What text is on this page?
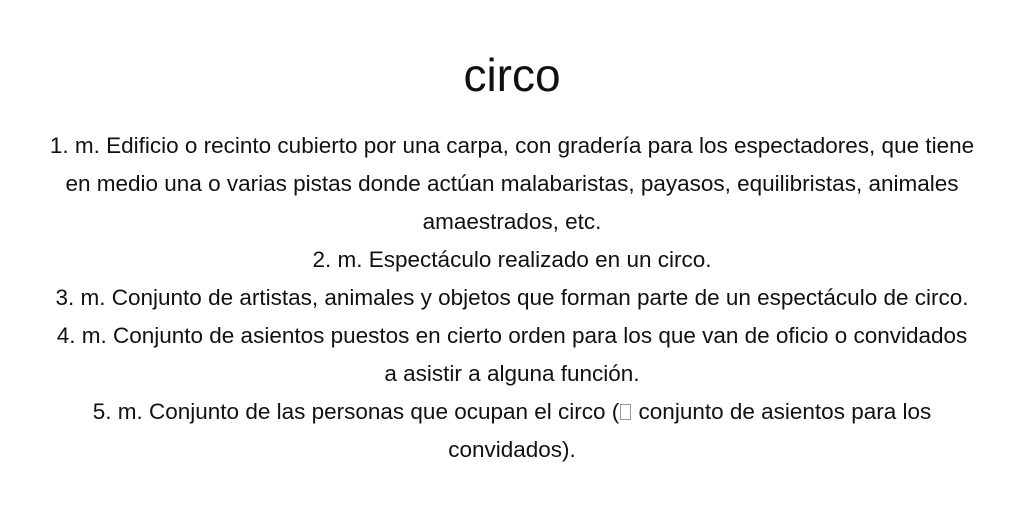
circo
1. m. Edificio o recinto cubierto por una carpa, con gradería para los espectadores, que tiene en medio una o varias pistas donde actúan malabaristas, payasos, equilibristas, animales amaestrados, etc.
2. m. Espectáculo realizado en un circo.
3. m. Conjunto de artistas, animales y objetos que forman parte de un espectáculo de circo.
4. m. Conjunto de asientos puestos en cierto orden para los que van de oficio o convidados a asistir a alguna función.
5. m. Conjunto de las personas que ocupan el circo (
conjunto de asientos para los convidados).
